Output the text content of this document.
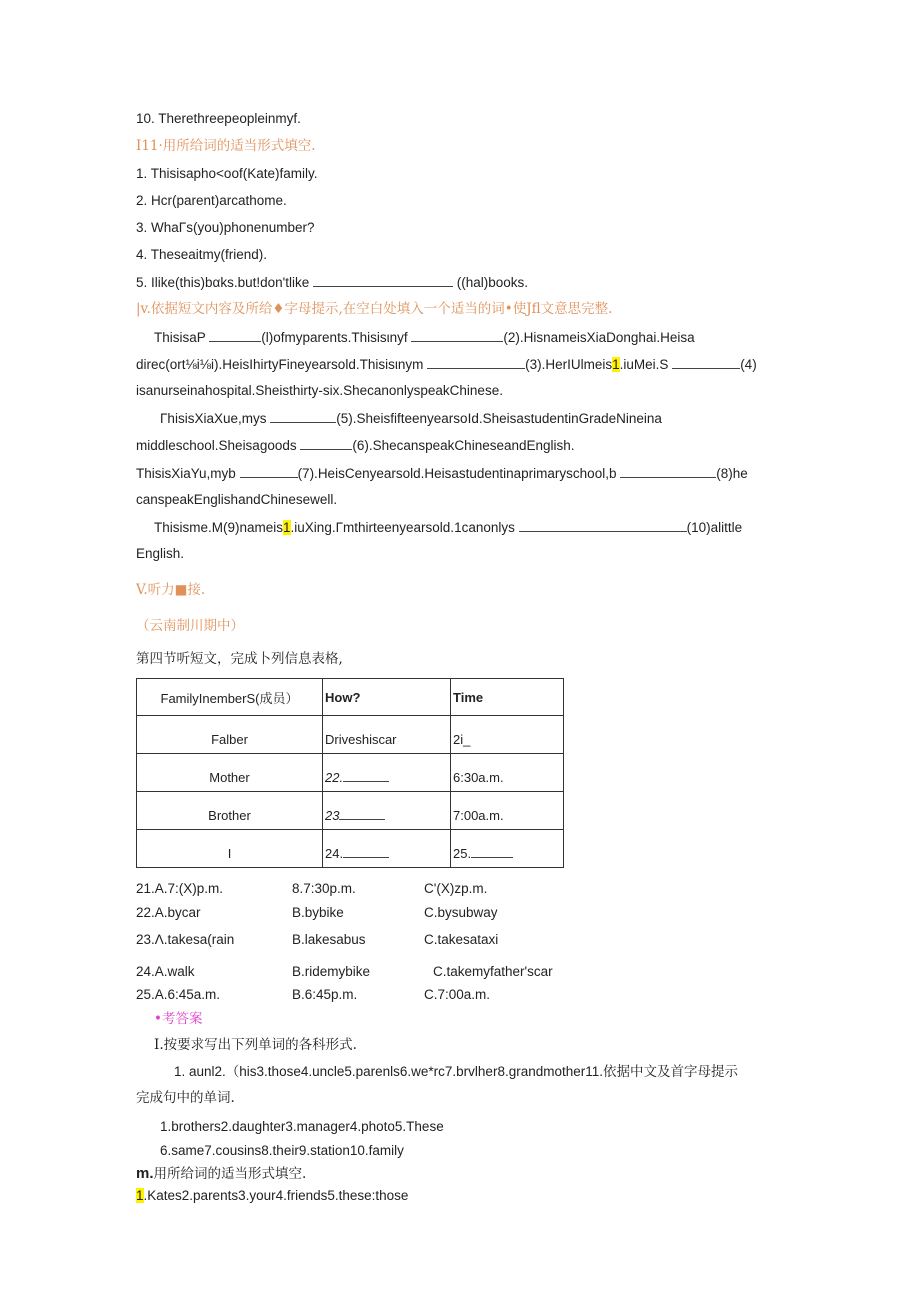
10. Therethreepeopleinmyf.
I11·用所给词的适当形式填空.
1. Thisisapho<oof(Kate)family.
2. Hcr(parent)arcathome.
3. WhaΓs(you)phonenumber?
4. Theseaitmy(friend).
5. Ilike(this)bαks.but!don'tlike	((hal)books.
|v.依据短文内容及所给♦字母提示,在空白处填入一个适当的词•使Jfl文意思完整.
ThisisaP	(l)ofmyparents.Thisisιnyf	(2).HisnameisXiaDonghai.Heisa
direc(ort⅛i⅛i).HeisIhirtyFineyearsold.Thisisιnym	(3).HerIUlmeis1.iuMei.S	(4)
isanurseinahospital.Sheisthirty-six.ShecanonlyspeakChinese.
ΓhisisXiaXue,mys	(5).SheisfifteenyearsoId.SheisastudentinGradeNineina
middleschool.Sheisagoods	(6).ShecanspeakChineseandEnglish.
ThisisXiaYu,myb	(7).HeisCenyearsold.Heisastudentinaprimaryschool,b	(8)he
canspeakEnglishandChinesewell.
Thisisme.M(9)nameis1.iuXing.Γmthirteenyearsold.1canonlys	(10)alittle
English.
V.听力■接.
（云南制川期中）
第四节听短文，完成卜列信息表格,
FamilyInemberS(成员）	How?	Time

Falber	Driveshiscar	2i_

Mother	22.	6:30a.m.

Brother	23	7:00a.m.

I	24.	25.
21.A.7:(X)p.m.	8.7:30p.m.	C'(X)zp.m.
22.A.bycar	B.bybike	C.bysubway
23.Λ.takesa(rain	B.lakesabus	C.takesataxi
24.A.walk	B.ridemybike	C.takemyfather'scar
25.A.6:45a.m.	B.6:45p.m.	C.7:00a.m.
•考答案
I.按要求写出下列单词的各科形式.
1. aunl2.（his3.those4.uncle5.parenls6.we*rc7.brvlher8.grandmother11.依据中文及首字母提示
完成句中的单词.
1.brothers2.daughter3.manager4.photo5.These
6.same7.cousins8.their9.station10.family
m.用所给词的适当形式填空.
1.Kates2.parents3.your4.friends5.these:those
